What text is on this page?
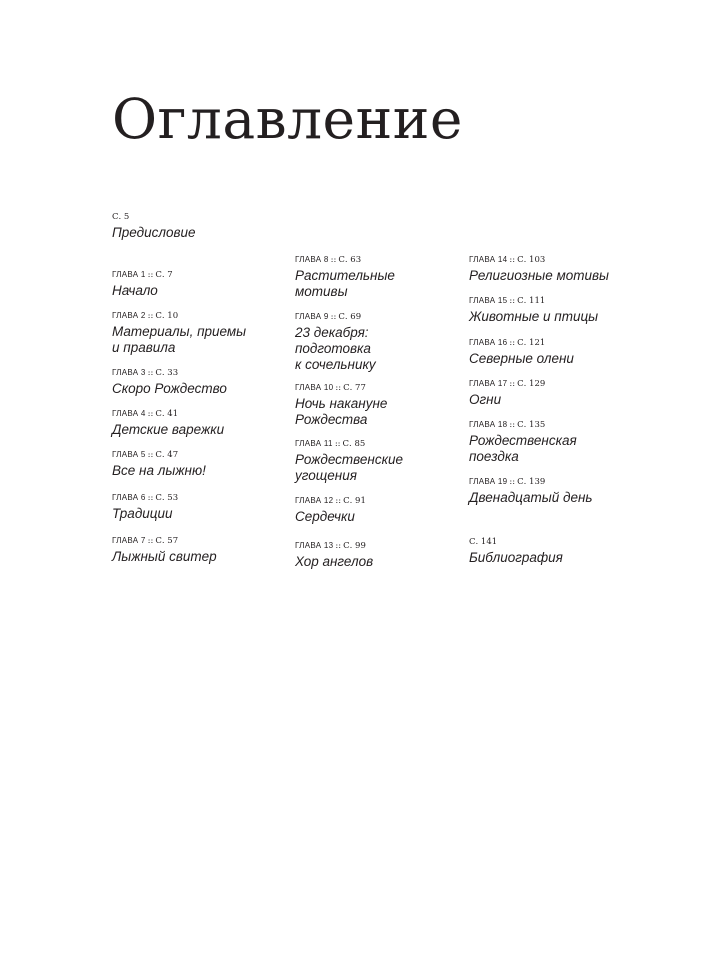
Оглавление
С. 5
Предисловие
ГЛАВА 1 :: С. 7
Начало
ГЛАВА 2 :: С. 10
Материалы, приемы
и правила
ГЛАВА 3 :: С. 33
Скоро Рождество
ГЛАВА 4 :: С. 41
Детские варежки
ГЛАВА 5 :: С. 47
Все на лыжню!
ГЛАВА 6 :: С. 53
Традиции
ГЛАВА 7 :: С. 57
Лыжный свитер
ГЛАВА 8 :: С. 63
Растительные
мотивы
ГЛАВА 9 :: С. 69
23 декабря:
подготовка
к сочельнику
ГЛАВА 10 :: С. 77
Ночь накануне
Рождества
ГЛАВА 11 :: С. 85
Рождественские
угощения
ГЛАВА 12 :: С. 91
Сердечки
ГЛАВА 13 :: С. 99
Хор ангелов
ГЛАВА 14 :: С. 103
Религиозные мотивы
ГЛАВА 15 :: С. 111
Животные и птицы
ГЛАВА 16 :: С. 121
Северные олени
ГЛАВА 17 :: С. 129
Огни
ГЛАВА 18 :: С. 135
Рождественская
поездка
ГЛАВА 19 :: С. 139
Двенадцатый день
С. 141
Библиография
